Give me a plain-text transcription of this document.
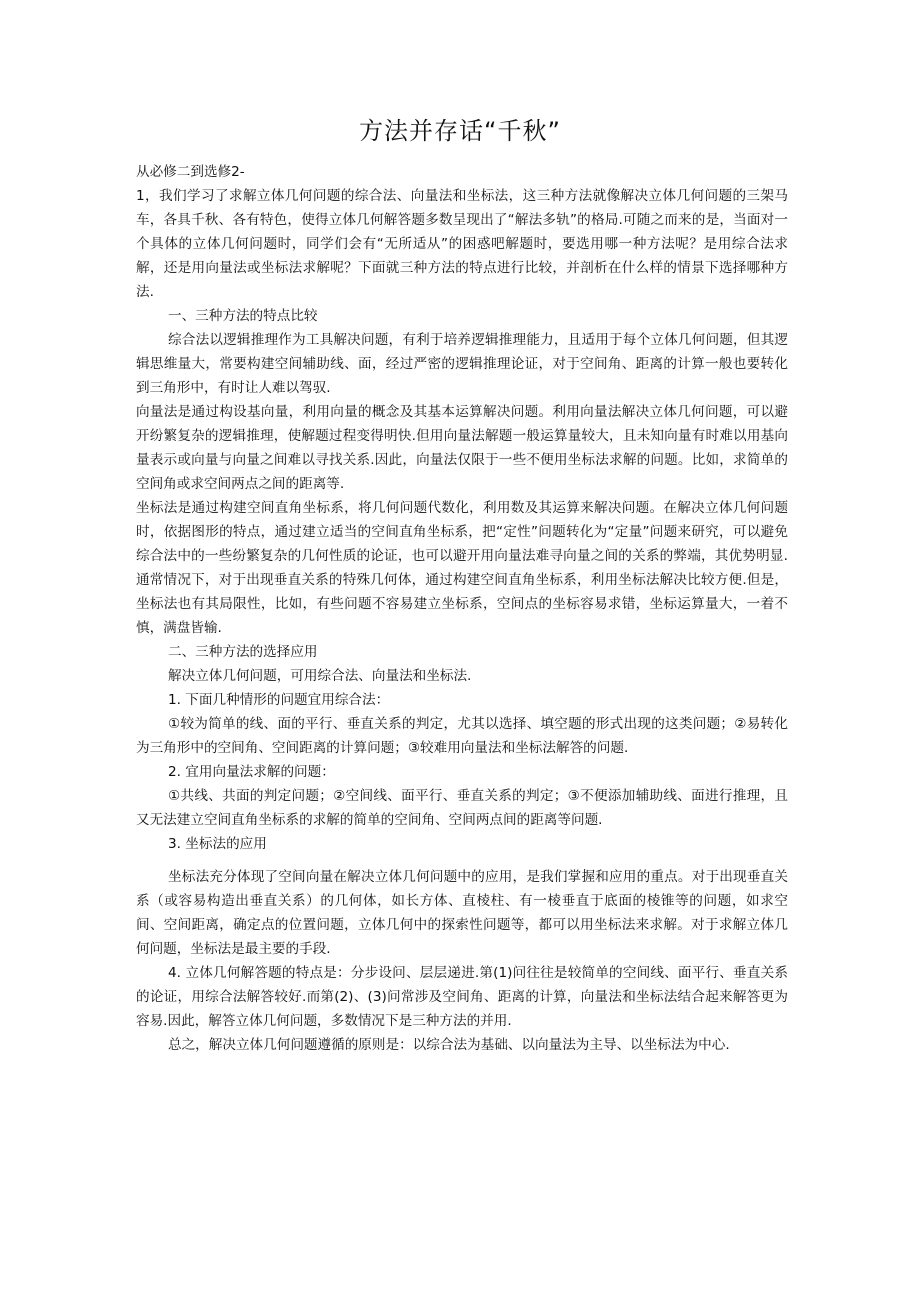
方法并存话“千秋”

从必修二到选修2-

1，我们学习了求解立体几何问题的综合法、向量法和坐标法，这三种方法就像解决立体几何问题的三架马车，各具千秋、各有特色，使得立体几何解答题多数呈现出了“解法多轨”的格局.可随之而来的是，当面对一个具体的立体几何问题时，同学们会有“无所适从”的困惑吧解题时，要选用哪一种方法呢？是用综合法求解，还是用向量法或坐标法求解呢？下面就三种方法的特点进行比较，并剖析在什么样的情景下选择哪种方法.

一、三种方法的特点比较

综合法以逻辑推理作为工具解决问题，有利于培养逻辑推理能力，且适用于每个立体几何问题，但其逻辑思维量大，常要构建空间辅助线、面，经过严密的逻辑推理论证，对于空间角、距离的计算一般也要转化到三角形中，有时让人难以驾驭.

向量法是通过构设基向量，利用向量的概念及其基本运算解决问题。利用向量法解决立体几何问题，可以避开纷繁复杂的逻辑推理，使解题过程变得明快.但用向量法解题一般运算量较大，且未知向量有时难以用基向量表示或向量与向量之间难以寻找关系.因此，向量法仅限于一些不便用坐标法求解的问题。比如，求简单的空间角或求空间两点之间的距离等.

坐标法是通过构建空间直角坐标系，将几何问题代数化，利用数及其运算来解决问题。在解决立体几何问题时，依据图形的特点，通过建立适当的空间直角坐标系，把“定性”问题转化为“定量”问题来研究，可以避免综合法中的一些纷繁复杂的几何性质的论证，也可以避开用向量法难寻向量之间的关系的弊端，其优势明显.通常情况下，对于出现垂直关系的特殊几何体，通过构建空间直角坐标系，利用坐标法解决比较方便.但是，坐标法也有其局限性，比如，有些问题不容易建立坐标系，空间点的坐标容易求错，坐标运算量大，一着不慎，满盘皆输.

二、三种方法的选择应用

解决立体几何问题，可用综合法、向量法和坐标法.

1. 下面几种情形的问题宜用综合法：

①较为简单的线、面的平行、垂直关系的判定，尤其以选择、填空题的形式出现的这类问题；②易转化为三角形中的空间角、空间距离的计算问题；③较难用向量法和坐标法解答的问题.

2. 宜用向量法求解的问题：

①共线、共面的判定问题；②空间线、面平行、垂直关系的判定；③不便添加辅助线、面进行推理，且又无法建立空间直角坐标系的求解的简单的空间角、空间两点间的距离等问题.

3. 坐标法的应用

坐标法充分体现了空间向量在解决立体几何问题中的应用，是我们掌握和应用的重点。对于出现垂直关系（或容易构造出垂直关系）的几何体，如长方体、直棱柱、有一棱垂直于底面的棱锥等的问题，如求空间、空间距离，确定点的位置问题，立体几何中的探索性问题等，都可以用坐标法来求解。对于求解立体几何问题，坐标法是最主要的手段.

4. 立体几何解答题的特点是：分步设问、层层递进.第(1)问往往是较简单的空间线、面平行、垂直关系的论证，用综合法解答较好.而第(2)、(3)问常涉及空间角、距离的计算，向量法和坐标法结合起来解答更为容易.因此，解答立体几何问题，多数情况下是三种方法的并用.

总之，解决立体几何问题遵循的原则是：以综合法为基础、以向量法为主导、以坐标法为中心.
